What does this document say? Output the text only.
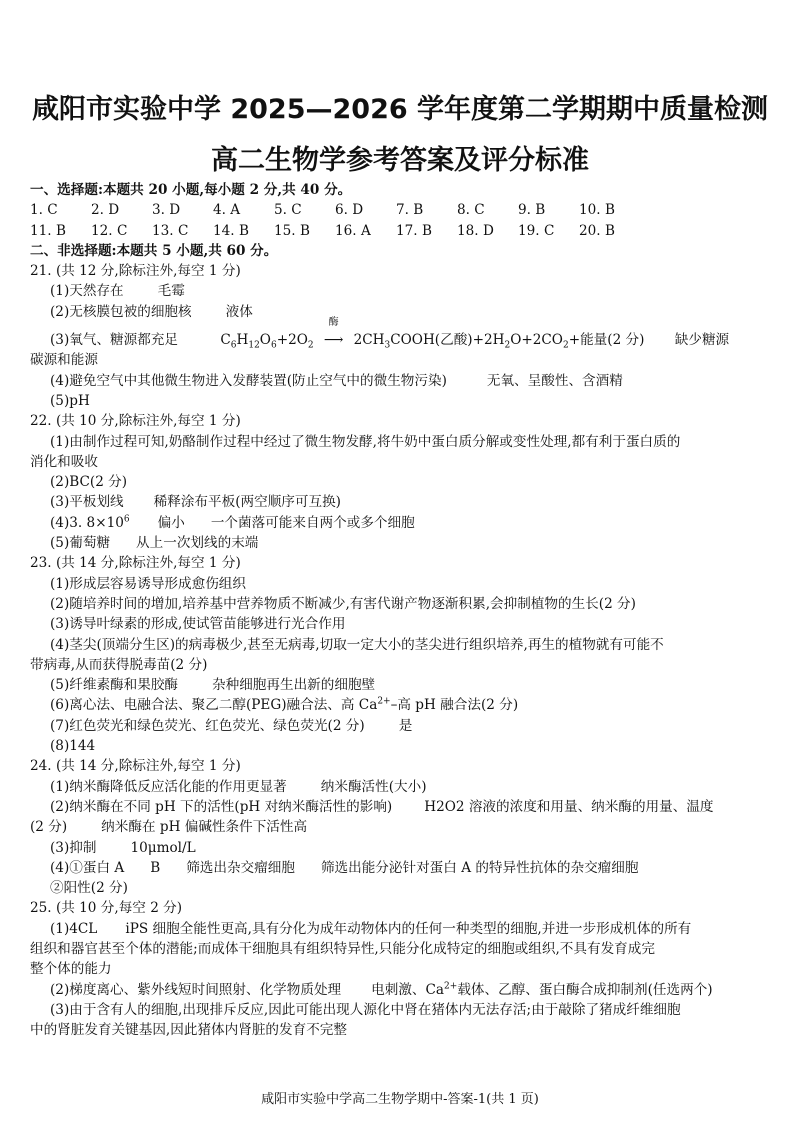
咸阳市实验中学 2025—2026 学年度第二学期期中质量检测
高二生物学参考答案及评分标准
一、选择题:本题共 20 小题,每小题 2 分,共 40 分。
1. C 2. D 3. D 4. A 5. C 6. D 7. B 8. C 9. B 10. B
11. B 12. C 13. C 14. B 15. B 16. A 17. B 18. D 19. C 20. B
二、非选择题:本题共 5 小题,共 60 分。
21. (共 12 分,除标注外,每空 1 分)
(1)天然存在	毛霉
(2)无核膜包被的细胞核	液体
(3)氧气、糖源都充足	$C_6H_{12}O_6+2O_2$
酶
⟶ $2CH_3COOH$(乙酸)$+2H_2O+2CO_2+$能量(2 分) 缺少糖源
碳源和能源
(4)避免空气中其他微生物进入发酵装置(防止空气中的微生物污染)	无氧、呈酸性、含酒精
(5)pH
22. (共 10 分,除标注外,每空 1 分)
(1)由制作过程可知,奶酪制作过程中经过了微生物发酵,将牛奶中蛋白质分解或变性处理,都有利于蛋白质的
消化和吸收
(2)BC(2 分)
(3)平板划线 稀释涂布平板(两空顺序可互换)
(4)3. $8\times 10^6$ 偏小 一个菌落可能来自两个或多个细胞
(5)葡萄糖 从上一次划线的末端
23. (共 14 分,除标注外,每空 1 分)
(1)形成层容易诱导形成愈伤组织
(2)随培养时间的增加,培养基中营养物质不断减少,有害代谢产物逐渐积累,会抑制植物的生长(2 分)
(3)诱导叶绿素的形成,使试管苗能够进行光合作用
(4)茎尖(顶端分生区)的病毒极少,甚至无病毒,切取一定大小的茎尖进行组织培养,再生的植物就有可能不
带病毒,从而获得脱毒苗(2 分)
(5)纤维素酶和果胶酶	杂种细胞再生出新的细胞壁
(6)离心法、电融合法、聚乙二醇(PEG)融合法、高 $Ca^{2+}-$高 pH 融合法(2 分)
(7)红色荧光和绿色荧光、红色荧光、绿色荧光(2 分)	是
(8)144
24. (共 14 分,除标注外,每空 1 分)
(1)纳米酶降低反应活化能的作用更显著	纳米酶活性(大小)
(2)纳米酶在不同 pH 下的活性(pH 对纳米酶活性的影响) H2O2 溶液的浓度和用量、纳米酶的用量、温度
(2 分)	纳米酶在 pH 偏碱性条件下活性高
(3)抑制	10μmol/L
(4)①蛋白 A B 筛选出杂交瘤细胞 筛选出能分泌针对蛋白 A 的特异性抗体的杂交瘤细胞
②阳性(2 分)
25. (共 10 分,每空 2 分)
(1)4CL iPS 细胞全能性更高,具有分化为成年动物体内的任何一种类型的细胞,并进一步形成机体的所有
组织和器官甚至个体的潜能;而成体干细胞具有组织特异性,只能分化成特定的细胞或组织,不具有发育成完
整个体的能力
(2)梯度离心、紫外线短时间照射、化学物质处理 电刺激、$Ca^{2+}$载体、乙醇、蛋白酶合成抑制剂(任选两个)
(3)由于含有人的细胞,出现排斥反应,因此可能出现人源化中肾在猪体内无法存活;由于敲除了猪成纤维细胞
中的肾脏发育关键基因,因此猪体内肾脏的发育不完整
咸阳市实验中学高二生物学期中-答案-1(共 1 页)
